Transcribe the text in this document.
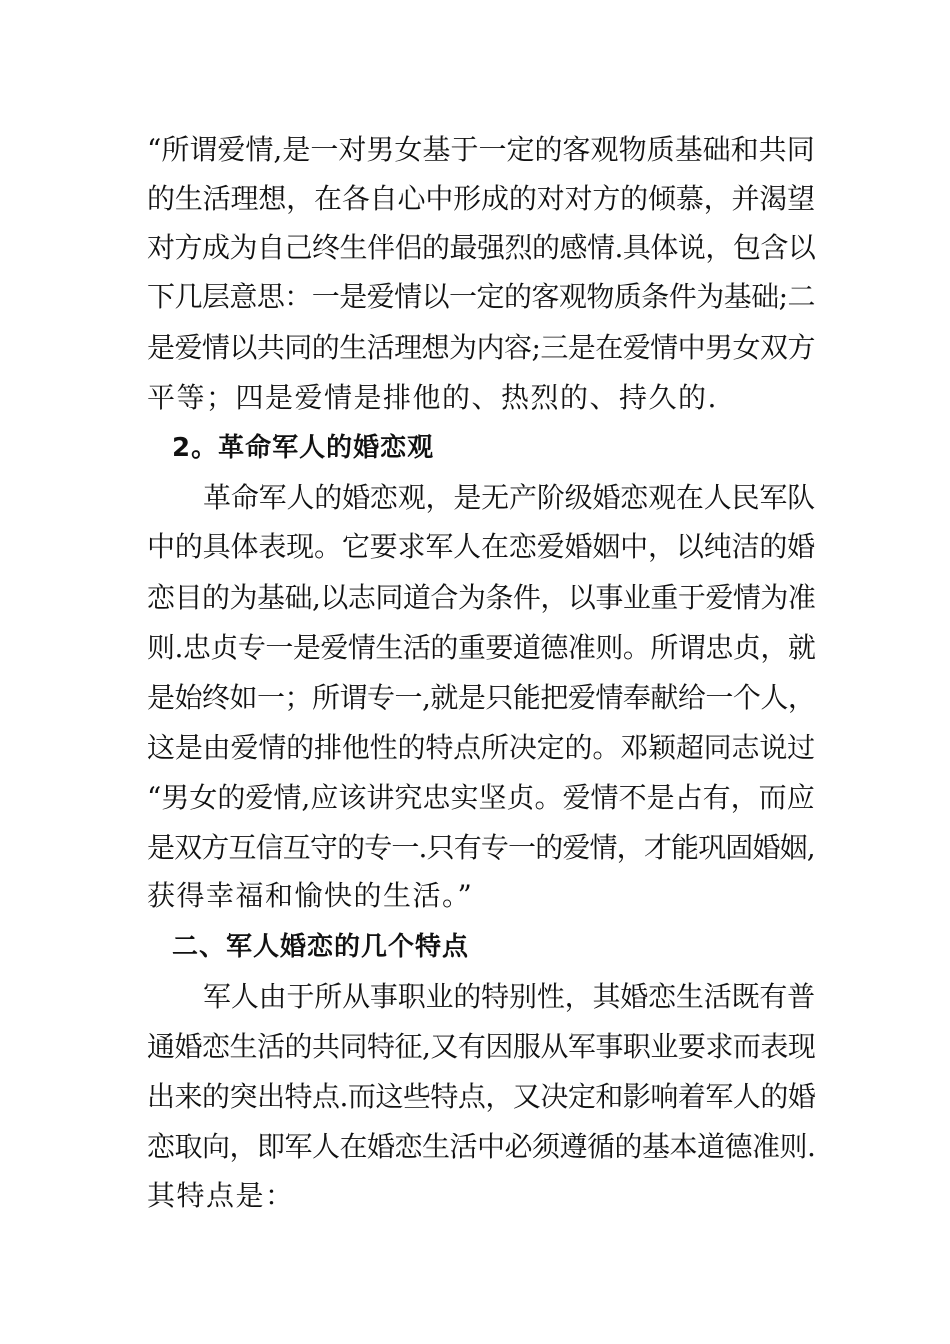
“所谓爱情,是一对男女基于一定的客观物质基础和共同
的生活理想，在各自心中形成的对对方的倾慕，并渴望
对方成为自己终生伴侣的最强烈的感情.具体说，包含以
下几层意思：一是爱情以一定的客观物质条件为基础;二
是爱情以共同的生活理想为内容;三是在爱情中男女双方
平等；四是爱情是排他的、热烈的、持久的.
2。革命军人的婚恋观
革命军人的婚恋观，是无产阶级婚恋观在人民军队
中的具体表现。它要求军人在恋爱婚姻中，以纯洁的婚
恋目的为基础,以志同道合为条件，以事业重于爱情为准
则.忠贞专一是爱情生活的重要道德准则。所谓忠贞，就
是始终如一；所谓专一,就是只能把爱情奉献给一个人，
这是由爱情的排他性的特点所决定的。邓颖超同志说过
“男女的爱情,应该讲究忠实坚贞。爱情不是占有，而应
是双方互信互守的专一.只有专一的爱情，才能巩固婚姻,
获得幸福和愉快的生活。”
二、军人婚恋的几个特点
军人由于所从事职业的特别性，其婚恋生活既有普
通婚恋生活的共同特征,又有因服从军事职业要求而表现
出来的突出特点.而这些特点，又决定和影响着军人的婚
恋取向，即军人在婚恋生活中必须遵循的基本道德准则.
其特点是：
